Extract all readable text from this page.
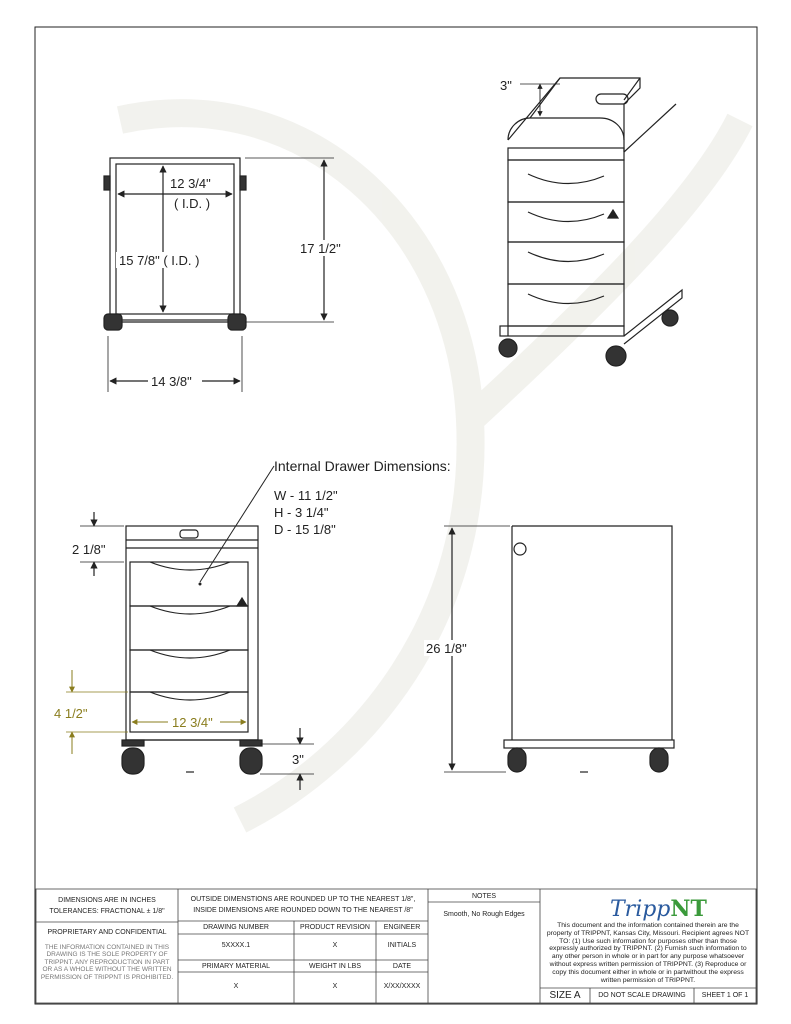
12 3/4"
( I.D. )
15 7/8" ( I.D. )
17 1/2"
14 3/8"
3"
Internal Drawer Dimensions:
W - 11 1/2"
H - 3 1/4"
D - 15 1/8"
2 1/8"
4 1/2"
12 3/4"
3"
26 1/8"
DIMENSIONS ARE IN INCHES
TOLERANCES: FRACTIONAL ± 1/8"
OUTSIDE DIMENSTIONS ARE ROUNDED UP TO THE NEAREST 1/8",
INSIDE DIMENSIONS ARE ROUNDED DOWN TO THE NEAREST /8"
PROPRIETARY AND CONFIDENTIAL
THE INFORMATION CONTAINED IN THIS DRAWING IS THE SOLE PROPERTY OF TRIPPNT. ANY REPRODUCTION IN PART OR AS A WHOLE WITHOUT THE WRITTEN PERMISSION OF TRIPPNT IS PROHIBITED.
DRAWING NUMBER	PRODUCT REVISION	ENGINEER
5XXXX.1	X	INITIALS
PRIMARY MATERIAL	WEIGHT IN LBS	DATE
X	X	X/XX/XXXX
NOTES
Smooth, No Rough Edges	TrippNT
This document and the information contained therein are the property of TRIPPNT, Kansas City, Missouri. Recipient agrees NOT TO: (1) Use such information for purposes other than those expressly authorized by TRIPPNT. (2) Furnish such information to any other person in whole or in part for any purpose whatsoever without express written permission of TRIPPNT. (3) Reproduce or copy this document either in whole or in partwithout the express written permission of TRIPPNT.
SIZE A	DO NOT SCALE DRAWING	SHEET 1 OF 1
